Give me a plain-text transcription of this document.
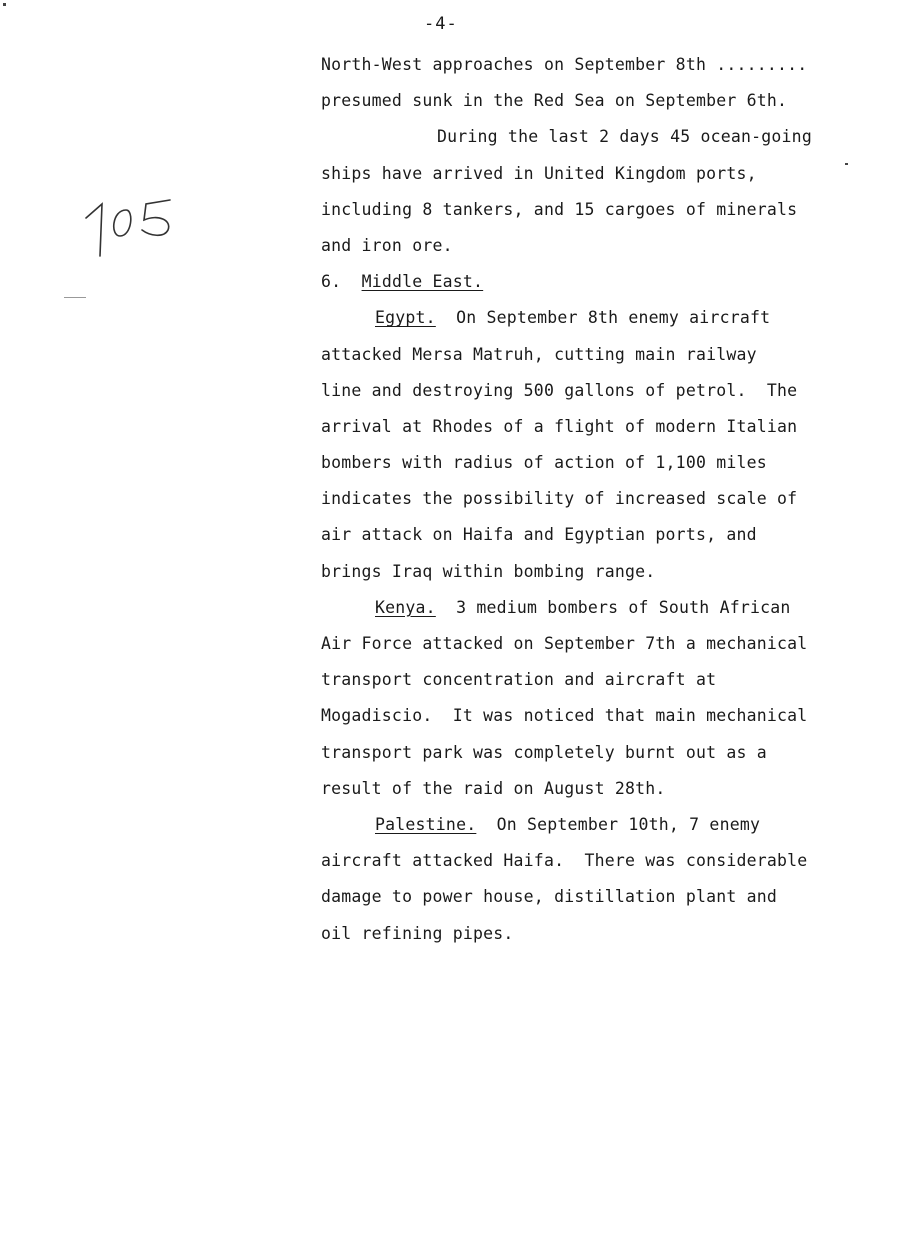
-4-
North-West approaches on September 8th .........
presumed sunk in the Red Sea on September 6th.
During the last 2 days 45 ocean-going
ships have arrived in United Kingdom ports,
including 8 tankers, and 15 cargoes of minerals
and iron ore.
6. Middle East.
Egypt. On September 8th enemy aircraft
attacked Mersa Matruh, cutting main railway
line and destroying 500 gallons of petrol.  The
arrival at Rhodes of a flight of modern Italian
bombers with radius of action of 1,100 miles
indicates the possibility of increased scale of
air attack on Haifa and Egyptian ports, and
brings Iraq within bombing range.
Kenya. 3 medium bombers of South African
Air Force attacked on September 7th a mechanical
transport concentration and aircraft at
Mogadiscio.  It was noticed that main mechanical
transport park was completely burnt out as a
result of the raid on August 28th.
Palestine. On September 10th, 7 enemy
aircraft attacked Haifa.  There was considerable
damage to power house, distillation plant and
oil refining pipes.
